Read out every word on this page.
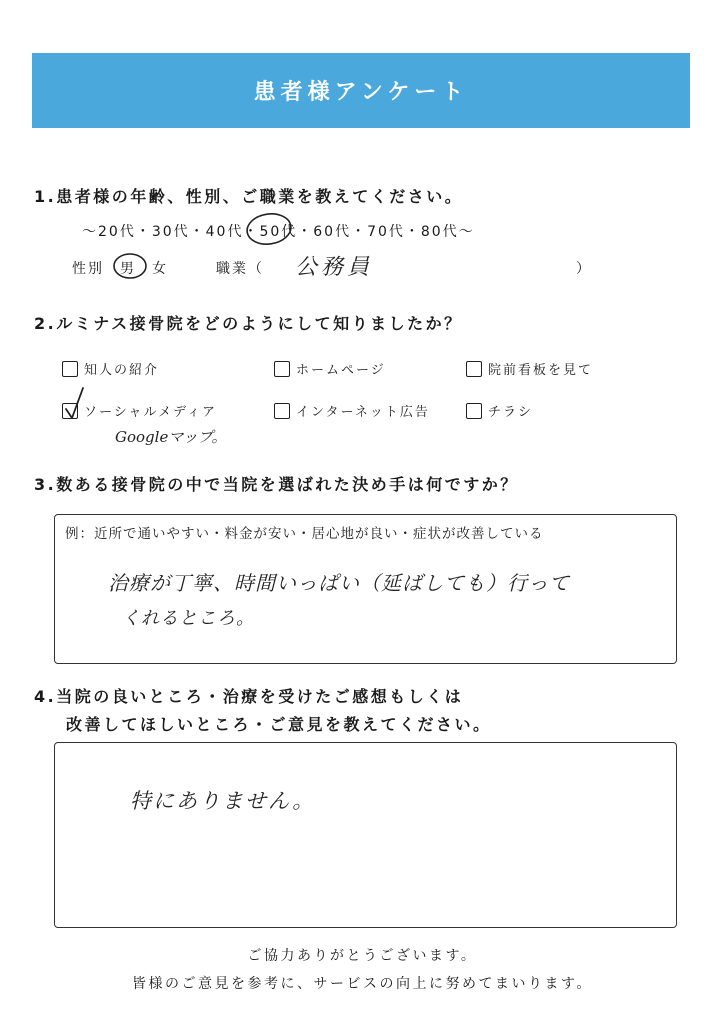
患者様アンケート
1.患者様の年齢、性別、ご職業を教えてください。
～20代・30代・40代・50代・60代・70代・80代～
性別 男 女	職業（	）
公務員
2.ルミナス接骨院をどのようにして知りましたか？
知人の紹介	ホームページ	院前看板を見て
ソーシャルメディア	インターネット広告	チラシ
Googleマップ。
3.数ある接骨院の中で当院を選ばれた決め手は何ですか？
例：近所で通いやすい・料金が安い・居心地が良い・症状が改善している
治療が丁寧、時間いっぱい（延ばしても）行って
くれるところ。
4.当院の良いところ・治療を受けたご感想もしくは
改善してほしいところ・ご意見を教えてください。
特にありません。
ご協力ありがとうございます。
皆様のご意見を参考に、サービスの向上に努めてまいります。
